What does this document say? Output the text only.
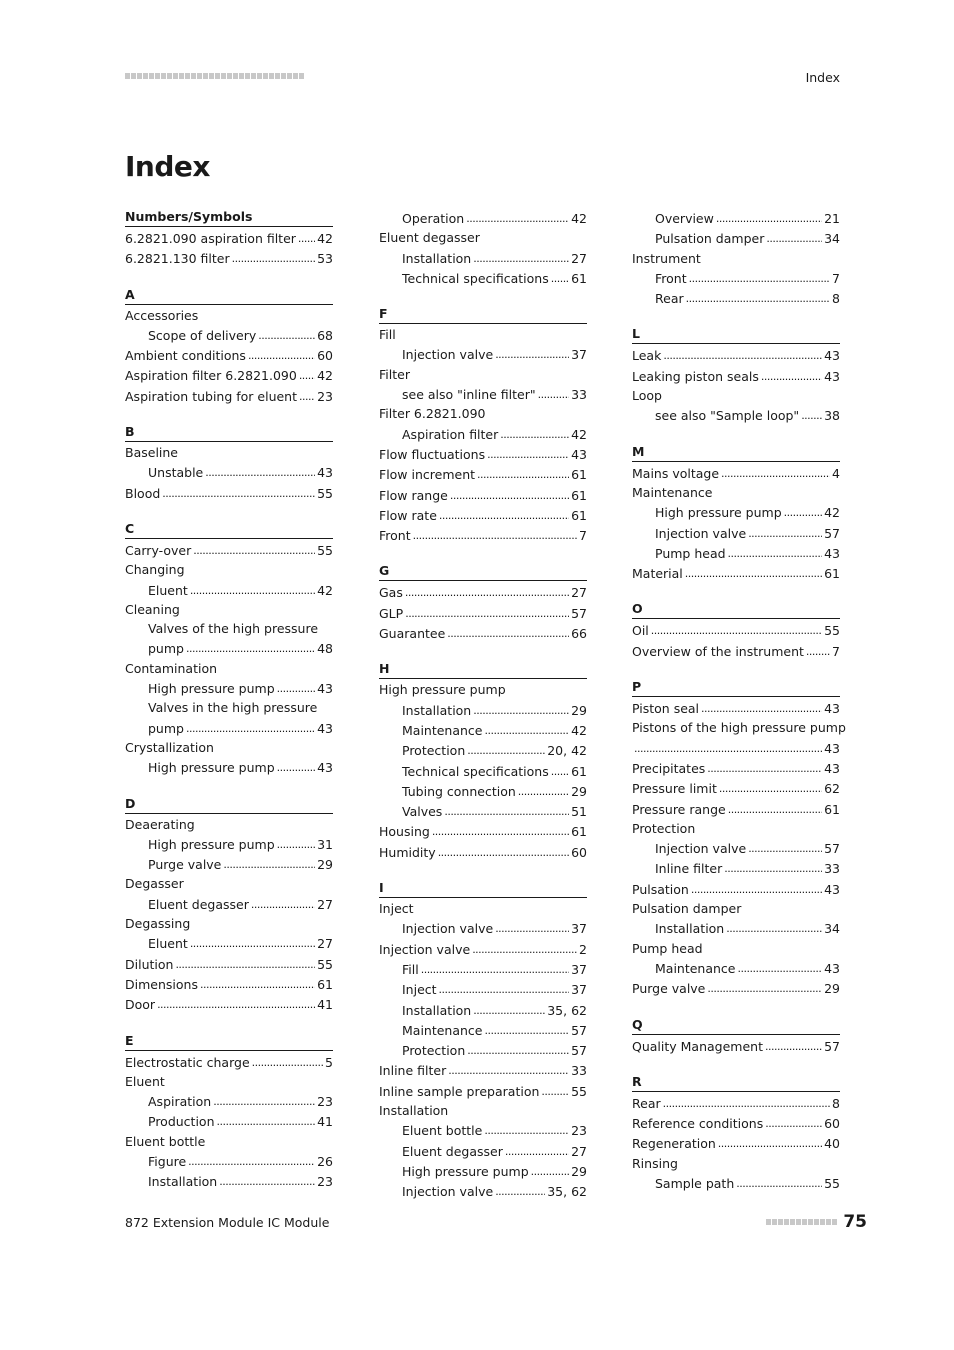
Index
Index
Numbers/Symbols
6.2821.090 aspiration filter . . . 42
6.2821.130 filter . . .	53
A
Accessories
Scope of delivery . . .	68
Ambient conditions . . .	60
Aspiration filter 6.2821.090 . . . 42
Aspiration tubing for eluent . . . 23
B
Baseline
Unstable . . .	43
Blood . . .	55
C
Carry-over . . .	55
Changing
Eluent . . .	42
Cleaning
Valves of the high pressure
pump . . .	48
Contamination
High pressure pump . . .	43
Valves in the high pressure
pump . . .	43
Crystallization
High pressure pump . . .	43
D
Deaerating
High pressure pump . . .	31
Purge valve . . .	29
Degasser
Eluent degasser . . .	27
Degassing
Eluent . . .	27
Dilution . . .	55
Dimensions . . .	61
Door . . .	41
E
Electrostatic charge . . .	5
Eluent
Aspiration . . .	23
Production . . .	41
Eluent bottle
Figure . . .	26
Installation . . .	23
Operation . . .	42
Eluent degasser
Installation . . .	27
Technical specifications . . . 61
F
Fill
Injection valve . . .	37
Filter
see also "inline filter" . . .	33
Filter 6.2821.090
Aspiration filter . . .	42
Flow fluctuations . . .	43
Flow increment . . .	61
Flow range . . .	61
Flow rate . . .	61
Front . . .	7
G
Gas . . .	27
GLP . . .	57
Guarantee . . .	66
H
High pressure pump
Installation . . .	29
Maintenance . . .	42
Protection . . .	20, 42
Technical specifications . . . 61
Tubing connection . . .	29
Valves . . .	51
Housing . . .	61
Humidity . . .	60
I
Inject
Injection valve . . .	37
Injection valve . . .	2
Fill . . .	37
Inject . . .	37
Installation . . .	35, 62
Maintenance . . .	57
Protection . . .	57
Inline filter . . .	33
Inline sample preparation . . .	55
Installation
Eluent bottle . . .	23
Eluent degasser . . .	27
High pressure pump . . .	29
Injection valve . . .	35, 62
Overview . . .	21
Pulsation damper . . .	34
Instrument
Front . . .	7
Rear . . .	8
L
Leak . . .	43
Leaking piston seals . . .	43
Loop
see also "Sample loop" . . . 38
M
Mains voltage . . .	4
Maintenance
High pressure pump . . .	42
Injection valve . . .	57
Pump head . . .	43
Material . . .	61
O
Oil . . .	55
Overview of the instrument . . . 7
P
Piston seal . . .	43
Pistons of the high pressure pump
. . .
43
Precipitates . . .	43
Pressure limit . . .	62
Pressure range . . .	61
Protection
Injection valve . . .	57
Inline filter . . .	33
Pulsation . . .	43
Pulsation damper
Installation . . .	34
Pump head
Maintenance . . .	43
Purge valve . . .	29
Q
Quality Management . . .	57
R
Rear . . .	8
Reference conditions . . .	60
Regeneration . . .	40
Rinsing
Sample path . . .	55
872 Extension Module IC Module	75
